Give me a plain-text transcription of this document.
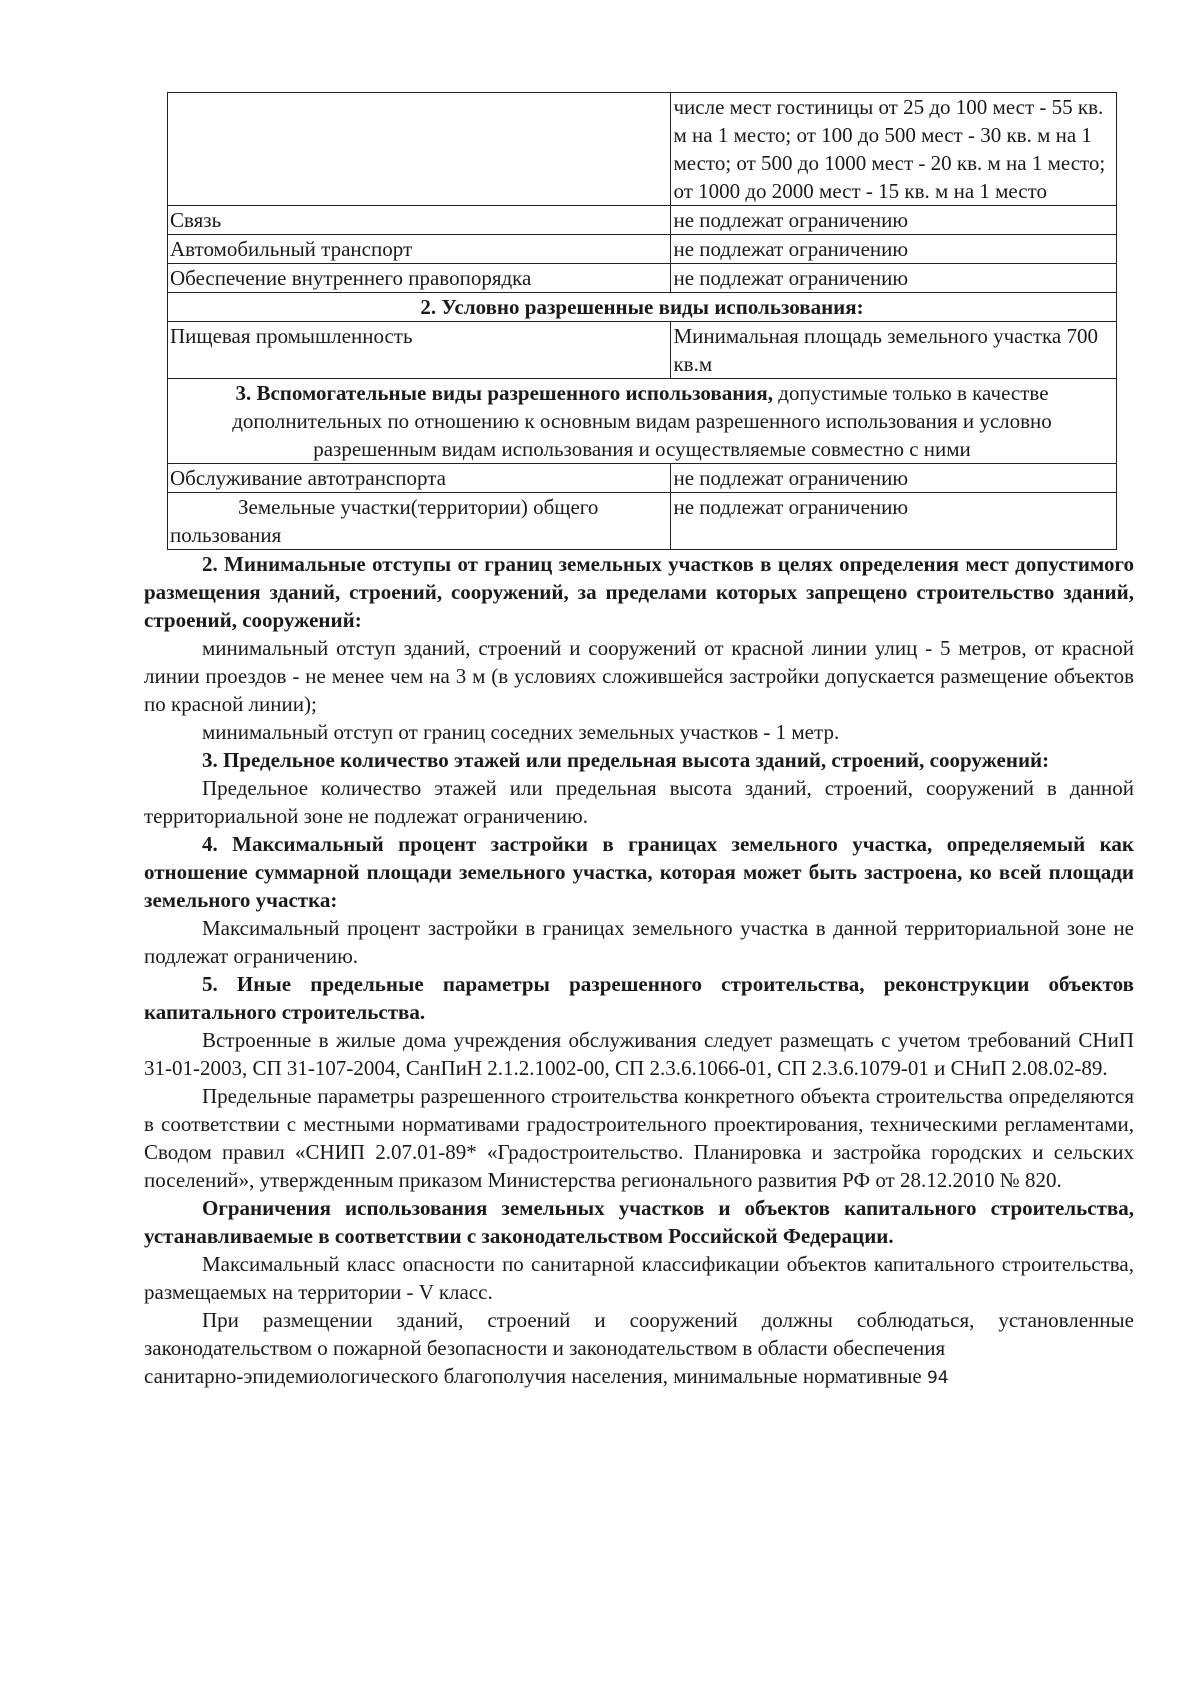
	числе мест гостиницы от 25 до 100 мест - 55 кв. м на 1 место; от 100 до 500 мест - 30 кв. м на 1 место; от 500 до 1000 мест - 20 кв. м на 1 место; от 1000 до 2000 мест - 15 кв. м на 1 место
Связь	не подлежат ограничению
Автомобильный транспорт	не подлежат ограничению
Обеспечение внутреннего правопорядка	не подлежат ограничению
2. Условно разрешенные виды использования:	
Пищевая промышленность	Минимальная площадь земельного участка 700 кв.м
3. Вспомогательные виды разрешенного использования, допустимые только в качестве дополнительных по отношению к основным видам разрешенного использования и условно разрешенным видам использования и осуществляемые совместно с ними	
Обслуживание автотранспорта	не подлежат ограничению
Земельные участки(территории) общего пользования	не подлежат ограничению

2. Минимальные отступы от границ земельных участков в целях определения мест допустимого размещения зданий, строений, сооружений, за пределами которых запрещено строительство зданий, строений, сооружений:

минимальный отступ зданий, строений и сооружений от красной линии улиц - 5 метров, от красной линии проездов - не менее чем на 3 м (в условиях сложившейся застройки допускается размещение объектов по красной линии);

минимальный отступ от границ соседних земельных участков - 1 метр.

3. Предельное количество этажей или предельная высота зданий, строений, сооружений:

Предельное количество этажей или предельная высота зданий, строений, сооружений в данной территориальной зоне не подлежат ограничению.

4. Максимальный процент застройки в границах земельного участка, определяемый как отношение суммарной площади земельного участка, которая может быть застроена, ко всей площади земельного участка:

Максимальный процент застройки в границах земельного участка в данной территориальной зоне не подлежат ограничению.

5. Иные предельные параметры разрешенного строительства, реконструкции объектов капитального строительства.

Встроенные в жилые дома учреждения обслуживания следует размещать с учетом требований СНиП 31-01-2003, СП 31-107-2004, СанПиН 2.1.2.1002-00, СП 2.3.6.1066-01, СП 2.3.6.1079-01 и СНиП 2.08.02-89.

Предельные параметры разрешенного строительства конкретного объекта строительства определяются в соответствии с местными нормативами градостроительного проектирования, техническими регламентами, Сводом правил «СНИП 2.07.01-89* «Градостроительство. Планировка и застройка городских и сельских поселений», утвержденным приказом Министерства регионального развития РФ от 28.12.2010 № 820.

Ограничения использования земельных участков и объектов капитального строительства, устанавливаемые в соответствии с законодательством Российской Федерации.

Максимальный класс опасности по санитарной классификации объектов капитального строительства, размещаемых на территории - V класс.

При размещении зданий, строений и сооружений должны соблюдаться, установленные законодательством о пожарной безопасности и законодательством в области обеспечения

санитарно-эпидемиологического благополучия населения, минимальные нормативные 94
